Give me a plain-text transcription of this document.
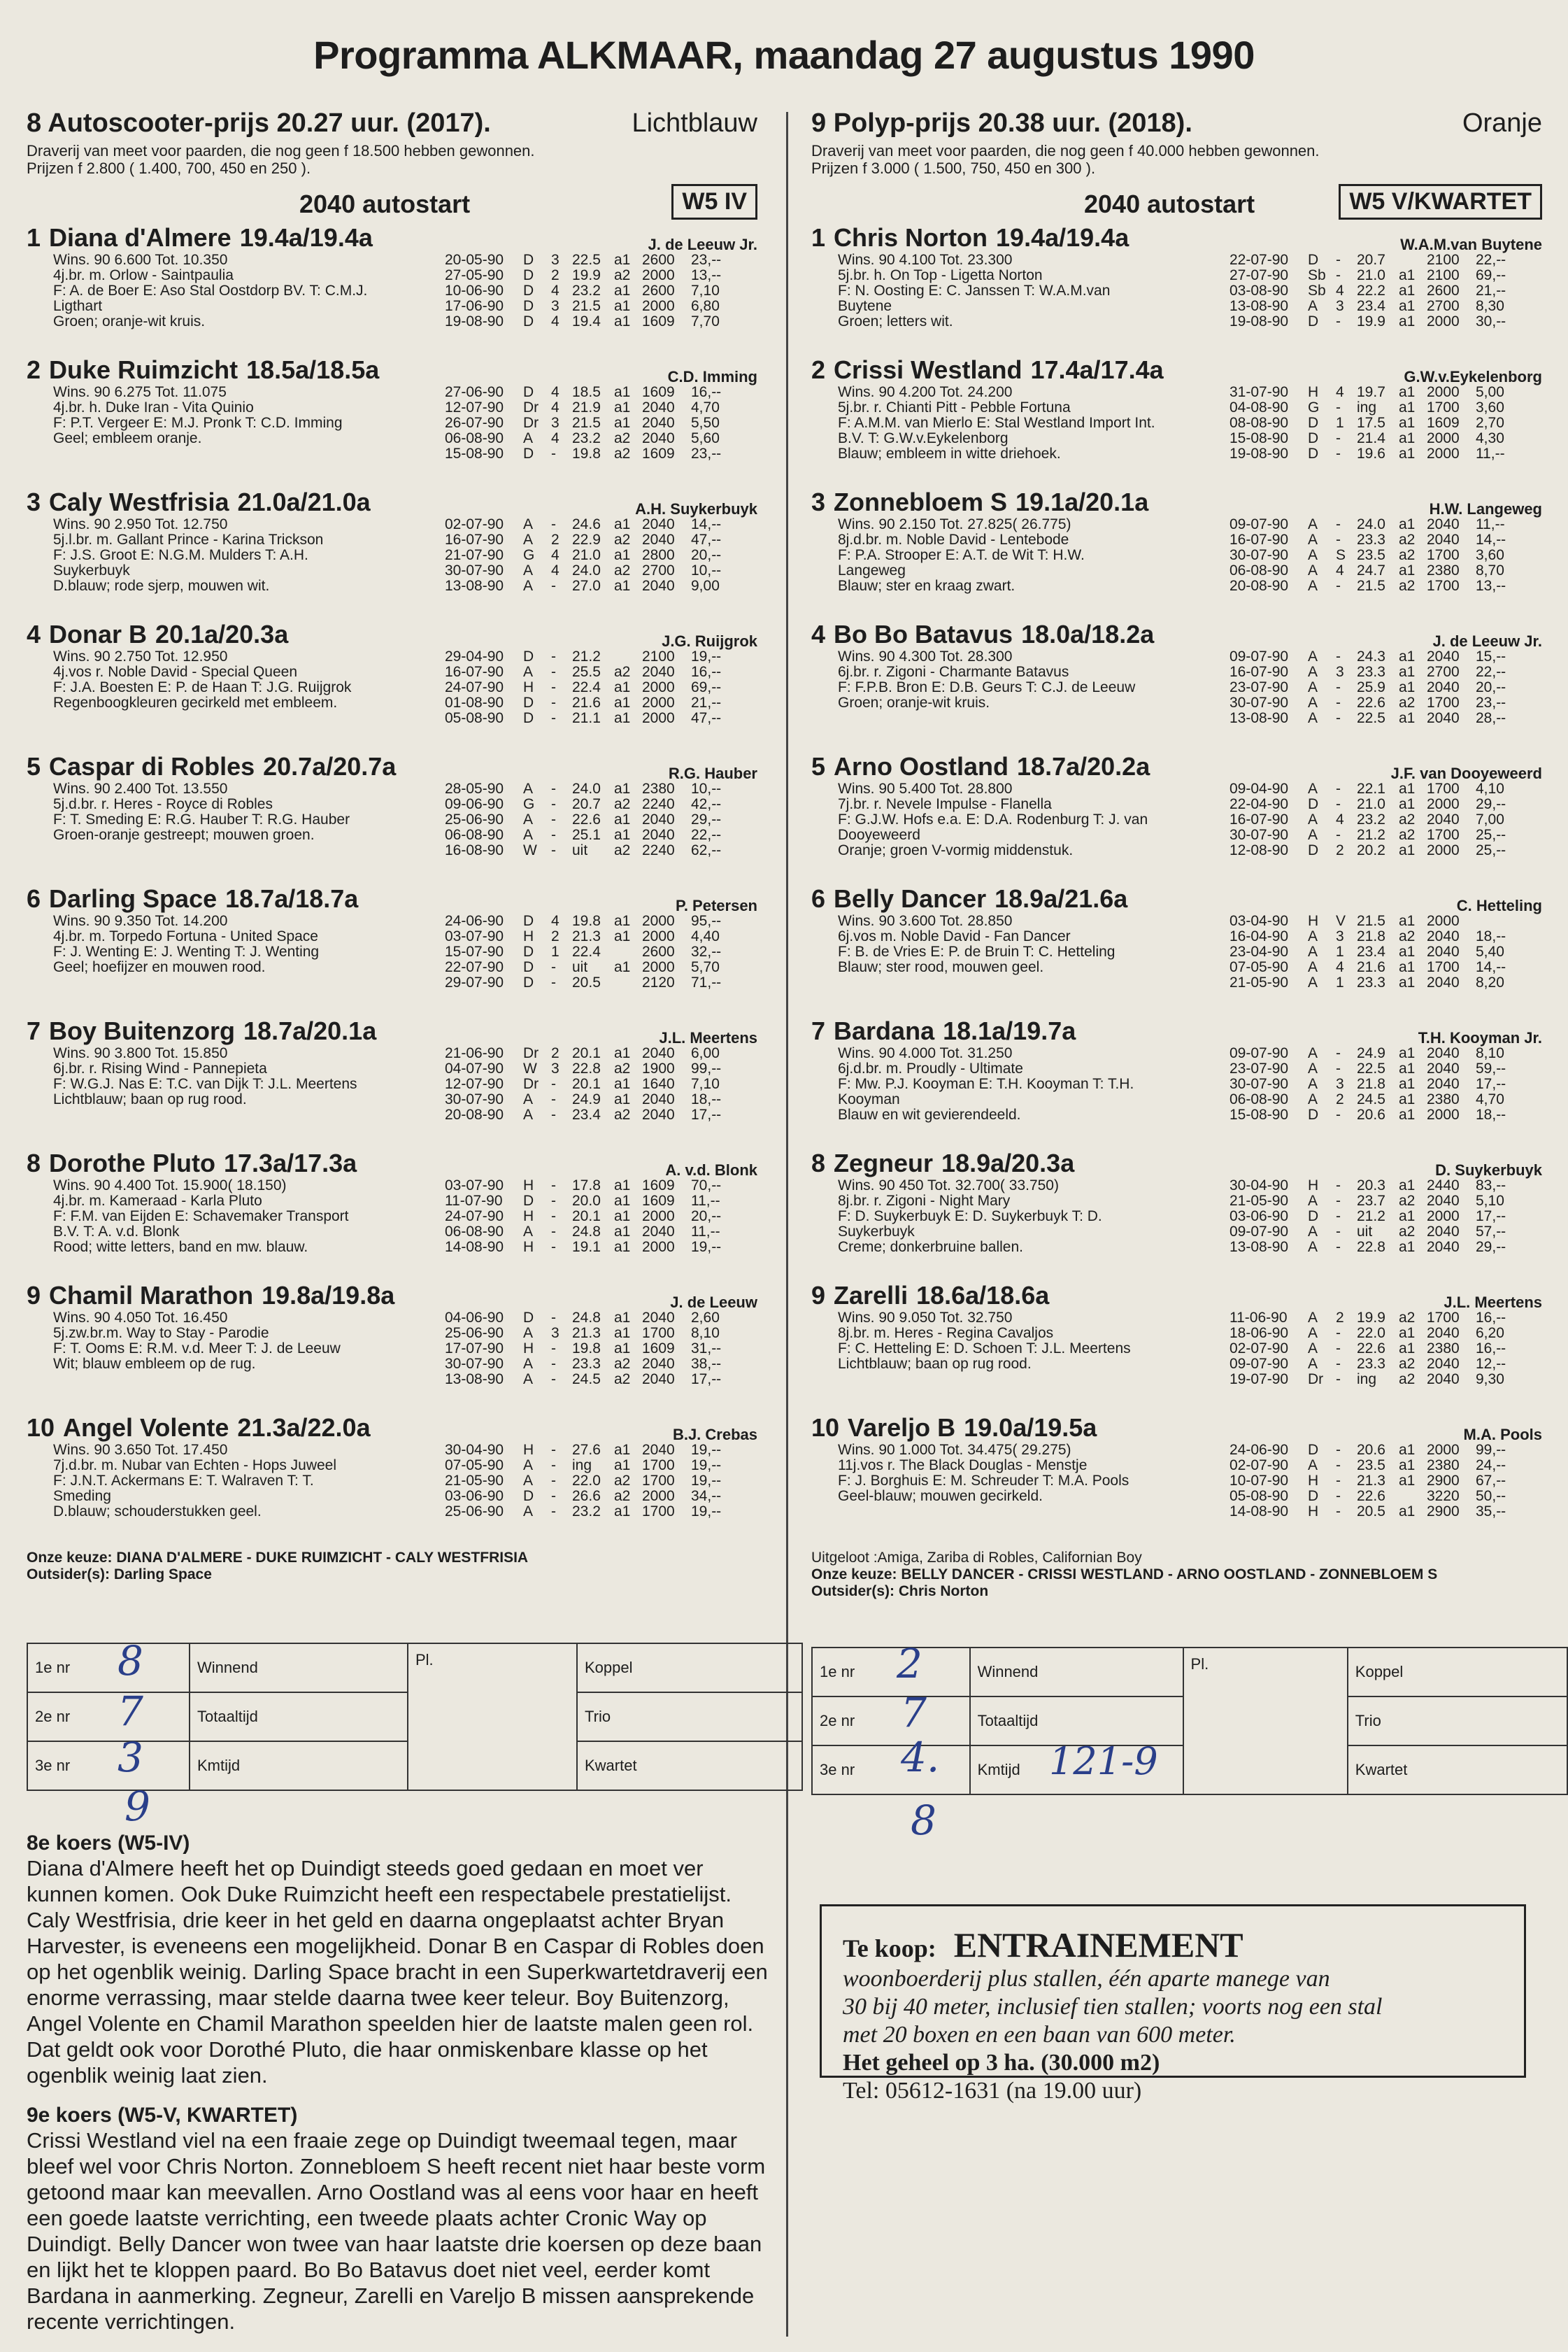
Programma ALKMAAR, maandag 27 augustus 1990
8 Autoscooter-prijs 20.27 uur. (2017).	Lichtblauw
Draverij van meet voor paarden, die nog geen f 18.500 hebben gewonnen.
Prijzen f 2.800 ( 1.400, 700, 450 en 250 ).
2040 autostart	W5 IV
1 Diana d'Almere 19.4a/19.4a	J. de Leeuw Jr.
Wins. 90 6.600 Tot. 10.350
4j.br. m. Orlow - Saintpaulia
F: A. de Boer E: Aso Stal Oostdorp BV. T: C.M.J.
Ligthart
Groen; oranje-wit kruis.
20-05-90	D	3 22.5 a1 2600	23,--
27-05-90	D	2 19.9 a2 2000	13,--
10-06-90	D	4 23.2 a1 2600	7,10
17-06-90	D	3 21.5 a1 2000	6,80
19-08-90	D	4 19.4 a1 1609	7,70
2 Duke Ruimzicht 18.5a/18.5a	C.D. Imming
Wins. 90 6.275 Tot. 11.075
4j.br. h. Duke Iran - Vita Quinio
F: P.T. Vergeer E: M.J. Pronk T: C.D. Imming
Geel; embleem oranje.
27-06-90	D	4 18.5 a1 1609	16,--
12-07-90	Dr 4 21.9 a1 2040	4,70
26-07-90	Dr 3 21.5 a1 2040	5,50
06-08-90	A	4 23.2 a2 2040	5,60
15-08-90	D	-	19.8 a2 1609	23,--
3 Caly Westfrisia 21.0a/21.0a	A.H. Suykerbuyk
Wins. 90 2.950 Tot. 12.750
5j.l.br. m. Gallant Prince - Karina Trickson
F: J.S. Groot E: N.G.M. Mulders T: A.H.
Suykerbuyk
D.blauw; rode sjerp, mouwen wit.
02-07-90	A	-	24.6 a1 2040	14,--
16-07-90	A	2 22.9 a2 2040	47,--
21-07-90	G	4 21.0 a1 2800	20,--
30-07-90	A	4 24.0 a2 2700	10,--
13-08-90	A	-	27.0 a1 2040	9,00
4 Donar B 20.1a/20.3a	J.G. Ruijgrok
Wins. 90 2.750 Tot. 12.950
4j.vos r. Noble David - Special Queen
F: J.A. Boesten E: P. de Haan T: J.G. Ruijgrok
Regenboogkleuren gecirkeld met embleem.
29-04-90	D	-	21.2	2100	19,--
16-07-90	A	-	25.5 a2 2040	16,--
24-07-90	H	-	22.4 a1 2000	69,--
01-08-90	D	-	21.6 a1 2000	21,--
05-08-90	D	-	21.1 a1 2000	47,--
5 Caspar di Robles 20.7a/20.7a	R.G. Hauber
Wins. 90 2.400 Tot. 13.550
5j.d.br. r. Heres - Royce di Robles
F: T. Smeding E: R.G. Hauber T: R.G. Hauber
Groen-oranje gestreept; mouwen groen.
28-05-90	A	-	24.0 a1 2380	10,--
09-06-90	G	-	20.7 a2 2240	42,--
25-06-90	A	-	22.6 a1 2040	29,--
06-08-90	A	-	25.1 a1 2040	22,--
16-08-90	W -	uit	a2 2240	62,--
6 Darling Space 18.7a/18.7a	P. Petersen
Wins. 90 9.350 Tot. 14.200
4j.br. m. Torpedo Fortuna - United Space
F: J. Wenting E: J. Wenting T: J. Wenting
Geel; hoefijzer en mouwen rood.
24-06-90	D	4 19.8 a1 2000	95,--
03-07-90	H	2 21.3 a1 2000	4,40
15-07-90	D	1 22.4	2600	32,--
22-07-90	D	-	uit	a1 2000	5,70
29-07-90	D	-	20.5	2120	71,--
7 Boy Buitenzorg 18.7a/20.1a	J.L. Meertens
Wins. 90 3.800 Tot. 15.850
6j.br. r. Rising Wind - Pannepieta
F: W.G.J. Nas E: T.C. van Dijk T: J.L. Meertens
Lichtblauw; baan op rug rood.
21-06-90	Dr 2 20.1 a1 2040	6,00
04-07-90	W 3 22.8 a2 1900	99,--
12-07-90	Dr -	20.1 a1 1640	7,10
30-07-90	A	-	24.9 a1 2040	18,--
20-08-90	A	-	23.4 a2 2040	17,--
8 Dorothe Pluto 17.3a/17.3a	A. v.d. Blonk
Wins. 90 4.400 Tot. 15.900( 18.150)
4j.br. m. Kameraad - Karla Pluto
F: F.M. van Eijden E: Schavemaker Transport
B.V. T: A. v.d. Blonk
Rood; witte letters, band en mw. blauw.
03-07-90	H	-	17.8 a1 1609	70,--
11-07-90	D	-	20.0 a1 1609	11,--
24-07-90	H	-	20.1 a1 2000	20,--
06-08-90	A	-	24.8 a1 2040	11,--
14-08-90	H	-	19.1 a1 2000	19,--
9 Chamil Marathon 19.8a/19.8a	J. de Leeuw
Wins. 90 4.050 Tot. 16.450
5j.zw.br.m. Way to Stay - Parodie
F: T. Ooms E: R.M. v.d. Meer T: J. de Leeuw
Wit; blauw embleem op de rug.
04-06-90	D	-	24.8 a1 2040	2,60
25-06-90	A	3 21.3 a1 1700	8,10
17-07-90	H	-	19.8 a1 1609	31,--
30-07-90	A	-	23.3 a2 2040	38,--
13-08-90	A	-	24.5 a2 2040	17,--
10 Angel Volente 21.3a/22.0a	B.J. Crebas
Wins. 90 3.650 Tot. 17.450
7j.d.br. m. Nubar van Echten - Hops Juweel
F: J.N.T. Ackermans E: T. Walraven T: T.
Smeding
D.blauw; schouderstukken geel.
30-04-90	H	-	27.6 a1 2040	19,--
07-05-90	A	-	ing	a1 1700	19,--
21-05-90	A	-	22.0 a2 1700	19,--
03-06-90	D	-	26.6 a2 2000	34,--
25-06-90	A	-	23.2 a1 1700	19,--
Onze keuze: DIANA D'ALMERE - DUKE RUIMZICHT - CALY WESTFRISIA
Outsider(s): Darling Space
9 Polyp-prijs 20.38 uur. (2018).	Oranje
Draverij van meet voor paarden, die nog geen f 40.000 hebben gewonnen.
Prijzen f 3.000 ( 1.500, 750, 450 en 300 ).
2040 autostart	W5 V/KWARTET
1 Chris Norton 19.4a/19.4a	W.A.M.van Buytene
Wins. 90 4.100 Tot. 23.300
5j.br. h. On Top - Ligetta Norton
F: N. Oosting E: C. Janssen T: W.A.M.van
Buytene
Groen; letters wit.
22-07-90	D	-	20.7	2100	22,--
27-07-90	Sb -	21.0 a1 2100	69,--
03-08-90	Sb 4 22.2 a1 2600	21,--
13-08-90	A	3 23.4 a1 2700	8,30
19-08-90	D	-	19.9 a1 2000	30,--
2 Crissi Westland 17.4a/17.4a	G.W.v.Eykelenborg
Wins. 90 4.200 Tot. 24.200
5j.br. r. Chianti Pitt - Pebble Fortuna
F: A.M.M. van Mierlo E: Stal Westland Import Int.
B.V. T: G.W.v.Eykelenborg
Blauw; embleem in witte driehoek.
31-07-90	H	4 19.7 a1 2000	5,00
04-08-90	G	-	ing	a1 1700	3,60
08-08-90	D	1 17.5 a1 1609	2,70
15-08-90	D	-	21.4 a1 2000	4,30
19-08-90	D	-	19.6 a1 2000	11,--
3 Zonnebloem S 19.1a/20.1a	H.W. Langeweg
Wins. 90 2.150 Tot. 27.825( 26.775)
8j.d.br. m. Noble David - Lentebode
F: P.A. Strooper E: A.T. de Wit T: H.W.
Langeweg
Blauw; ster en kraag zwart.
09-07-90	A	-	24.0 a1 2040	11,--
16-07-90	A	-	23.3 a2 2040	14,--
30-07-90	A	S 23.5 a2 1700	3,60
06-08-90	A	4 24.7 a1 2380	8,70
20-08-90	A	-	21.5 a2 1700	13,--
4 Bo Bo Batavus 18.0a/18.2a	J. de Leeuw Jr.
Wins. 90 4.300 Tot. 28.300
6j.br. r. Zigoni - Charmante Batavus
F: F.P.B. Bron E: D.B. Geurs T: C.J. de Leeuw
Groen; oranje-wit kruis.
09-07-90	A	-	24.3 a1 2040	15,--
16-07-90	A	3 23.3 a1 2700	22,--
23-07-90	A	-	25.9 a1 2040	20,--
30-07-90	A	-	22.6 a2 1700	23,--
13-08-90	A	-	22.5 a1 2040	28,--
5 Arno Oostland 18.7a/20.2a	J.F. van Dooyeweerd
Wins. 90 5.400 Tot. 28.800
7j.br. r. Nevele Impulse - Flanella
F: G.J.W. Hofs e.a. E: D.A. Rodenburg T: J. van
Dooyeweerd
Oranje; groen V-vormig middenstuk.
09-04-90	A	-	22.1 a1 1700	4,10
22-04-90	D	-	21.0 a1 2000	29,--
16-07-90	A	4 23.2 a2 2040	7,00
30-07-90	A	-	21.2 a2 1700	25,--
12-08-90	D	2 20.2 a1 2000	25,--
6 Belly Dancer 18.9a/21.6a	C. Hetteling
Wins. 90 3.600 Tot. 28.850
6j.vos m. Noble David - Fan Dancer
F: B. de Vries E: P. de Bruin T: C. Hetteling
Blauw; ster rood, mouwen geel.
03-04-90	H	V 21.5 a1 2000
16-04-90	A	3 21.8 a2 2040	18,--
23-04-90	A	1 23.4 a1 2040	5,40
07-05-90	A	4 21.6 a1 1700	14,--
21-05-90	A	1 23.3 a1 2040	8,20
7 Bardana 18.1a/19.7a	T.H. Kooyman Jr.
Wins. 90 4.000 Tot. 31.250
6j.d.br. m. Proudly - Ultimate
F: Mw. P.J. Kooyman E: T.H. Kooyman T: T.H.
Kooyman
Blauw en wit gevierendeeld.
09-07-90	A	-	24.9 a1 2040	8,10
23-07-90	A	-	22.5 a1 2040	59,--
30-07-90	A	3 21.8 a1 2040	17,--
06-08-90	A	2 24.5 a1 2380	4,70
15-08-90	D	-	20.6 a1 2000	18,--
8 Zegneur 18.9a/20.3a	D. Suykerbuyk
Wins. 90 450 Tot. 32.700( 33.750)
8j.br. r. Zigoni - Night Mary
F: D. Suykerbuyk E: D. Suykerbuyk T: D.
Suykerbuyk
Creme; donkerbruine ballen.
30-04-90	H	-	20.3 a1 2440	83,--
21-05-90	A	-	23.7 a2 2040	5,10
03-06-90	D	-	21.2 a1 2000	17,--
09-07-90	A	-	uit	a2 2040	57,--
13-08-90	A	-	22.8 a1 2040	29,--
9 Zarelli 18.6a/18.6a	J.L. Meertens
Wins. 90 9.050 Tot. 32.750
8j.br. m. Heres - Regina Cavaljos
F: C. Hetteling E: D. Schoen T: J.L. Meertens
Lichtblauw; baan op rug rood.
11-06-90	A	2 19.9 a2 1700	16,--
18-06-90	A	-	22.0 a1 2040	6,20
02-07-90	A	-	22.6 a1 2380	16,--
09-07-90	A	-	23.3 a2 2040	12,--
19-07-90	Dr -	ing	a2 2040	9,30
10 Vareljo B 19.0a/19.5a	M.A. Pools
Wins. 90 1.000 Tot. 34.475( 29.275)
11j.vos r. The Black Douglas - Menstje
F: J. Borghuis E: M. Schreuder T: M.A. Pools
Geel-blauw; mouwen gecirkeld.
24-06-90	D	-	20.6 a1 2000	99,--
02-07-90	A	-	23.5 a1 2380	24,--
10-07-90	H	-	21.3 a1 2900	67,--
05-08-90	D	-	22.6	3220	50,--
14-08-90	H	-	20.5 a1 2900	35,--
Uitgeloot :Amiga, Zariba di Robles, Californian Boy
Onze keuze: BELLY DANCER - CRISSI WESTLAND - ARNO OOSTLAND - ZONNEBLOEM S
Outsider(s): Chris Norton
8e koers (W5-IV)

Diana d'Almere heeft het op Duindigt steeds goed gedaan en moet ver kunnen komen. Ook Duke Ruimzicht heeft een respectabele prestatielijst. Caly Westfrisia, drie keer in het geld en daarna ongeplaatst achter Bryan Harvester, is eveneens een mogelijkheid. Donar B en Caspar di Robles doen op het ogenblik weinig. Darling Space bracht in een Superkwartetdraverij een enorme verrassing, maar stelde daarna twee keer teleur. Boy Buitenzorg, Angel Volente en Chamil Marathon speelden hier de laatste malen geen rol. Dat geldt ook voor Dorothé Pluto, die haar onmiskenbare klasse op het ogenblik weinig laat zien.

9e koers (W5-V, KWARTET)

Crissi Westland viel na een fraaie zege op Duindigt tweemaal tegen, maar bleef wel voor Chris Norton. Zonnebloem S heeft recent niet haar beste vorm getoond maar kan meevallen. Arno Oostland was al eens voor haar en heeft een goede laatste verrichting, een tweede plaats achter Cronic Way op Duindigt. Belly Dancer won twee van haar laatste drie koersen op deze baan en lijkt het te kloppen paard. Bo Bo Batavus doet niet veel, eerder komt Bardana in aanmerking. Zegneur, Zarelli en Vareljo B missen aansprekende recente verrichtingen.

Te koop: ENTRAINEMENT
woonboerderij plus stallen, één aparte manege van
30 bij 40 meter, inclusief tien stallen; voorts nog een stal
met 20 boxen en een baan van 600 meter.
Het geheel op 3 ha. (30.000 m2)
Tel: 05612-1631 (na 19.00 uur)
1e nr	Winnend	Pl.	Koppel
2e nr	Totaaltijd		Trio
3e nr	Kmtijd		Kwartet
1e nr	Winnend	Pl.	Koppel
2e nr	Totaaltijd		Trio
3e nr	Kmtijd		Kwartet
8
7
3
9
2
7
4.
8
121-9
